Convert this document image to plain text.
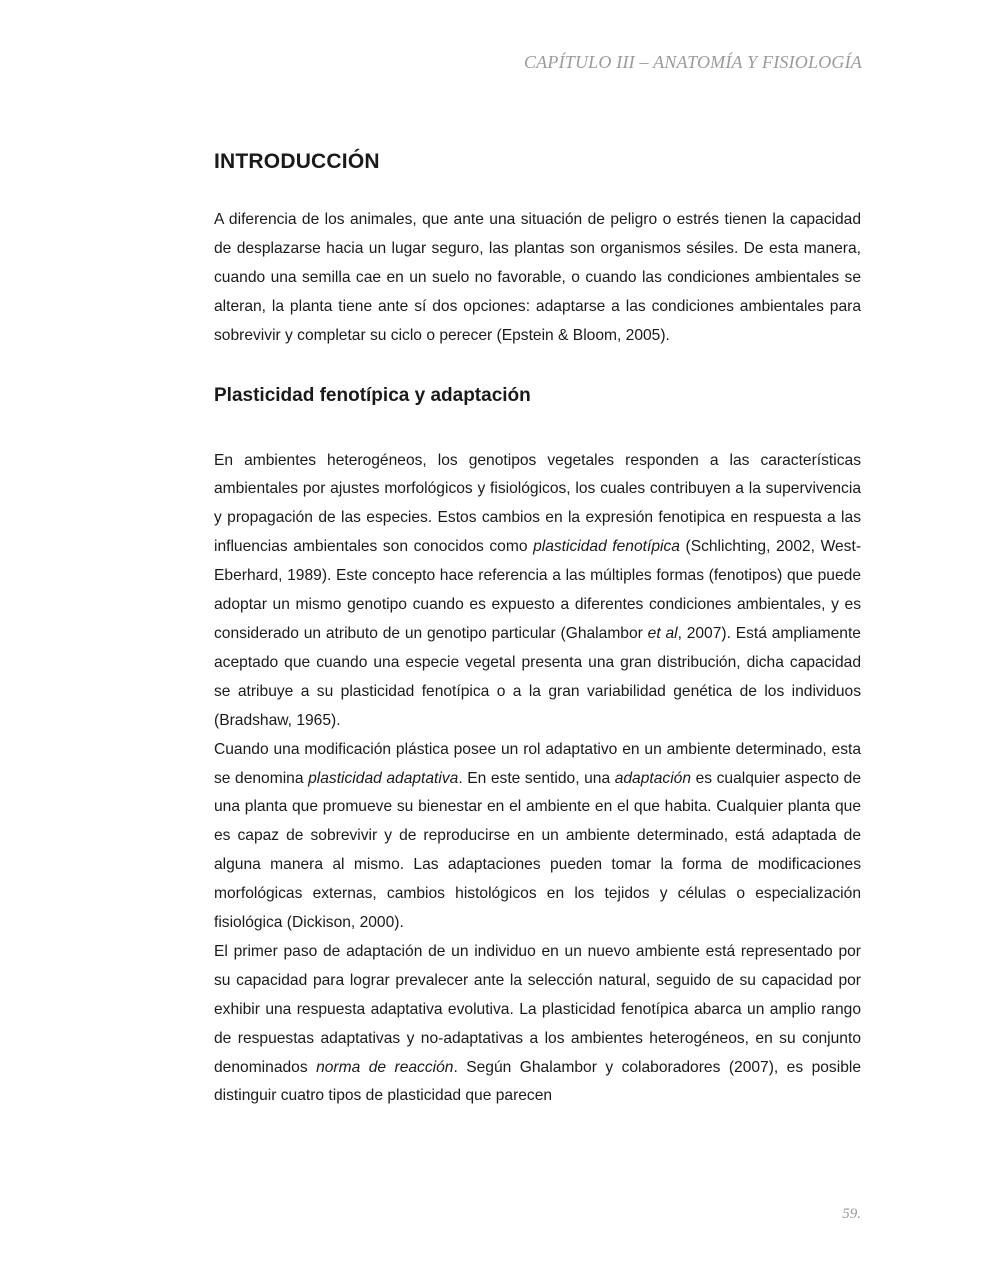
CAPÍTULO III – ANATOMÍA Y FISIOLOGÍA
INTRODUCCIÓN

A diferencia de los animales, que ante una situación de peligro o estrés tienen la capacidad de desplazarse hacia un lugar seguro, las plantas son organismos sésiles. De esta manera, cuando una semilla cae en un suelo no favorable, o cuando las condiciones ambientales se alteran, la planta tiene ante sí dos opciones: adaptarse a las condiciones ambientales para sobrevivir y completar su ciclo o perecer (Epstein & Bloom, 2005).

Plasticidad fenotípica y adaptación

En ambientes heterogéneos, los genotipos vegetales responden a las características ambientales por ajustes morfológicos y fisiológicos, los cuales contribuyen a la supervivencia y propagación de las especies. Estos cambios en la expresión fenotipica en respuesta a las influencias ambientales son conocidos como plasticidad fenotípica (Schlichting, 2002, West-Eberhard, 1989). Este concepto hace referencia a las múltiples formas (fenotipos) que puede adoptar un mismo genotipo cuando es expuesto a diferentes condiciones ambientales, y es considerado un atributo de un genotipo particular (Ghalambor et al, 2007). Está ampliamente aceptado que cuando una especie vegetal presenta una gran distribución, dicha capacidad se atribuye a su plasticidad fenotípica o a la gran variabilidad genética de los individuos (Bradshaw, 1965).

Cuando una modificación plástica posee un rol adaptativo en un ambiente determinado, esta se denomina plasticidad adaptativa. En este sentido, una adaptación es cualquier aspecto de una planta que promueve su bienestar en el ambiente en el que habita. Cualquier planta que es capaz de sobrevivir y de reproducirse en un ambiente determinado, está adaptada de alguna manera al mismo. Las adaptaciones pueden tomar la forma de modificaciones morfológicas externas, cambios histológicos en los tejidos y células o especialización fisiológica (Dickison, 2000).

El primer paso de adaptación de un individuo en un nuevo ambiente está representado por su capacidad para lograr prevalecer ante la selección natural, seguido de su capacidad por exhibir una respuesta adaptativa evolutiva. La plasticidad fenotípica abarca un amplio rango de respuestas adaptativas y no-adaptativas a los ambientes heterogéneos, en su conjunto denominados norma de reacción. Según Ghalambor y colaboradores (2007), es posible distinguir cuatro tipos de plasticidad que parecen

59.
